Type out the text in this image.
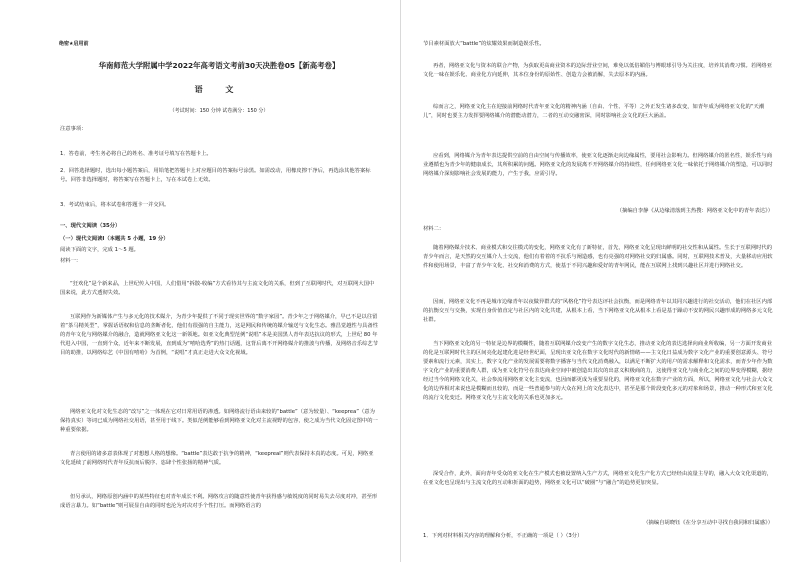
绝密★启用前

华南师范大学附属中学2022年高考语文考前30天决胜卷05【新高考卷】

语 文

（考试时间：150 分钟 试卷满分：150 分）

注意事项：

1．答卷前，考生务必将自己的姓名、准考证号填写在答题卡上。

2．回答选择题时，选出每小题答案后，用铅笔把答题卡上对应题目的答案标号涂黑。如需改动，用橡皮擦干净后，再选涂其他答案标号。回答非选择题时，将答案写在答题卡上，写在本试卷上无效。

3．考试结束后，将本试卷和答题卡一并交回。

一、现代文阅读（35分）

（一）现代文阅读Ⅰ（本题共 5 小题，19 分）

阅读下面的文字，完成 1～5 题。

材料一：

“狂欢化”是个新来品，上世纪传入中国，人们借用“拆散-收编”方式看待其与主流文化的关系，但到了互联网时代，对互联网大国中国来说，此方式透彻失效。

互联网作为新媒体产生与多元化的技术媒介，为青少年提供了不同于现实世界的“数字家园”。青少年之于网络媒介，早已不是以往留着“茶马精英型”，掌握话语权和信息的垄断者化，他们有很强的自主能力，这是网民和传统的媒介输送与文化生态。雅昌觉越性与具备性的青年文化与网络媒介的融合，造就网络亚文化这一新领地。如亚文化典型范例“说唱”本是美国黑人青年表达抗议的形式，上世纪 80 年代进入中国，一直到个众，近年来不断发展，直到成为“嘻哈选秀”的热门话题，这背后离不开网络媒介的推波与传播，及网络音乐综艺节目的助推，以网络综艺《中国有嘻哈》为首例，“说唱”才真正走进大众文化视域。

网络亚文化对文化生态的“改写”之一体现在它对日常用语的渗透。如网络流行语由来较的“battle”（意为较量）、“keeprea”（意为保持真实）等词已成为网络社交用语，甚至用于线下。类似范例能够看到网络亚文化对主流视野的包容，使之成为当代文化固定图中的一种重要依据。

青言使用的诸多意表体现了对想想人格的想像。“battle”表达敢于抗争的精神，“keepreal”则代表保持本真的态度。可见，网络亚文化延续了前网络时代青年反抗而后脱序、恣肆个性张扬的精神气质。

但另承认，网络原创内涵中的某些特征也对青年成长不利。网络攻言的随意性使青年获得感与敏锐度的同时易失去尽度对冲，甚至形成语言暴力。如“battle”则可展显自由的同时也沦为对决对手个性打压。而网络语言的

节目素材面放大“battle”的炫耀效果而制造娱乐性。

再者，网络亚文化与资本的联合产物，为获取更高商业资本的边际营业空间，难免以低俗媚俗与博眼球引导为关注度，培养其消费习惯。若网络亚文化一味在娱乐化、商业化方向延伸，其本位身份的原始性、创造力会被消解，失去原本的内涵。

综而言之，网络亚文化主在迎接前网络时代青年亚文化的精神内涵（自由、个性、平等）之外正发生诸多改变，如青年成为网络亚文化的“天潮儿”，同时也要主力发挥要网络媒介的潜能动潜力，二者的互动交融密深，同时影响社会文化的巨大涵盖。

应看到，网络媒介为青年表达提供空前的自由空间与传播效率，使亚文化逐渐走向边缘属性，要用社会影响力。但网络媒介的匿名性，娱乐性与商业遵循也为青少年的健康成长，其所积累的问题。网络亚文化的发展离不开网络媒介的持续性，任何网络亚文化一味依托于网络媒介的塑造，可以同时网络媒介深刻影响社会发展的能力，产生于我，应需引导。

（摘编自李静《从边缘清落到主热搜：网络亚文化中的青年表达》）

材料二：

随着网络媒介技术、商业模式和交往模式的变化，网络亚文化有了新特征，首先，网络亚文化呈现出鲜明的社交性和从属性。生长于互联网时代的青少年而言，是天然的交互媒介人士交流，他们有着着的不抗乐与阐造感，也有亮强的对网络社交的归属感。同时，互联网技术普及，大量移动应用软件和使用场景，丰富了青少年文化、社交和消费的方式，使基于不同兴趣和爱好的青年网民，能在互联网上找到兴趣社区并进行网络社交。

因而，网络亚文化不再是城市边缘青年以夜做异群式的“风格化”符号表达评社会抗衡，而是网络青年以其同兴趣进行的社交活动，他们在社区内部的抗衡交互与交换，实现自身价值直定与社区内的文化共建，从根本上看，当下网络亚文化从根本上看是基于躁动不安的网民兴趣形成的网络多元文化社群。

当下网络亚文化的另一特征是边界的模糊性，随着互联网媒介改变产生的数字文化生态，推动亚文化的表达选择向商业所收编，另一方面开发商业的化是互联网时代主的区间亮化起建化进是经世纪面，呈现出亚文化在数字文化时代的新情绪——主文化日益成为数字文化产业的重要创意源头、符号要素和流行元素，其实上，数字文化产业的发展需要将数字播客与当代文化消费融入，以满足不断扩大的用户的需求解释和文化需求，而青少年作为数字文化产业的重要消费人群，成为亚文化符号在表达商业空间中被创造出其次的出意义积极商的力，这使得亚文化与商业化之间的边界变得模糊，据经经过当今的网络文化关，社会参流用网络亚文化主变流，也因而都更成为重要显化的，网络亚文化在数字产业的方面，所以，网络亚文化与社会大众文化的边界相对来说也是模糊而且较的，而是一些普通参与的大众在网上的文化表达中，甚至是那个阶段变化多元的对象和场景，推动一种形式和亚文化的流行文化变迁。网络亚文化与主流文化的关系也更加多元。

深受合作，此外，面向青年受众的亚文化在生产模式也被设置纳入生产方式，网络亚文化生产化方式已经经由流量主导的，融入大众文化渠道的，在亚文化也呈现出与主流文化的互动和折面的趋势，网络亚文化可以“破圈”与“融合”的趋势更加突显。

（摘编自胡晓钰《在分享互动中寻找自我同和归属感》）

1．下列对材料相关内容的理解和分析，不正确的一项是（ ）（3分）
